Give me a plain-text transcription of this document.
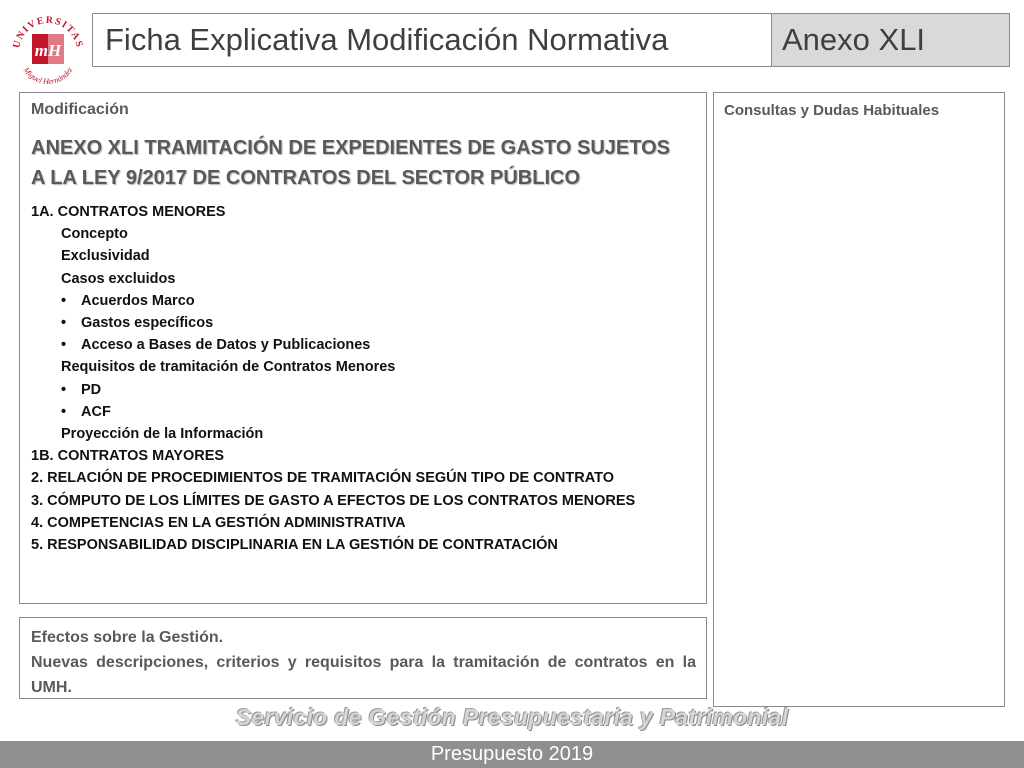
UNIVERSITAS
Miguel Hernández
mH Ficha Explicativa Modificación Normativa	Anexo XLI
Modificación
ANEXO XLI TRAMITACIÓN DE EXPEDIENTES DE GASTO SUJETOS
A LA LEY 9/2017 DE CONTRATOS DEL SECTOR PÚBLICO
1A. CONTRATOS MENORES
Concepto
Exclusividad
Casos excluidos
• Acuerdos Marco
• Gastos específicos
• Acceso a Bases de Datos y Publicaciones
Requisitos de tramitación de Contratos Menores
• PD
• ACF
Proyección de la Información
1B. CONTRATOS MAYORES
2. RELACIÓN DE PROCEDIMIENTOS DE TRAMITACIÓN SEGÚN TIPO DE CONTRATO
3. CÓMPUTO DE LOS LÍMITES DE GASTO A EFECTOS DE LOS CONTRATOS MENORES
4. COMPETENCIAS EN LA GESTIÓN ADMINISTRATIVA
5. RESPONSABILIDAD DISCIPLINARIA EN LA GESTIÓN DE CONTRATACIÓN
Consultas y Dudas Habituales
Efectos sobre la Gestión.
Nuevas descripciones, criterios y requisitos para la tramitación de contratos en la UMH.
Servicio de Gestión Presupuestaria y Patrimonial
Presupuesto 2019
